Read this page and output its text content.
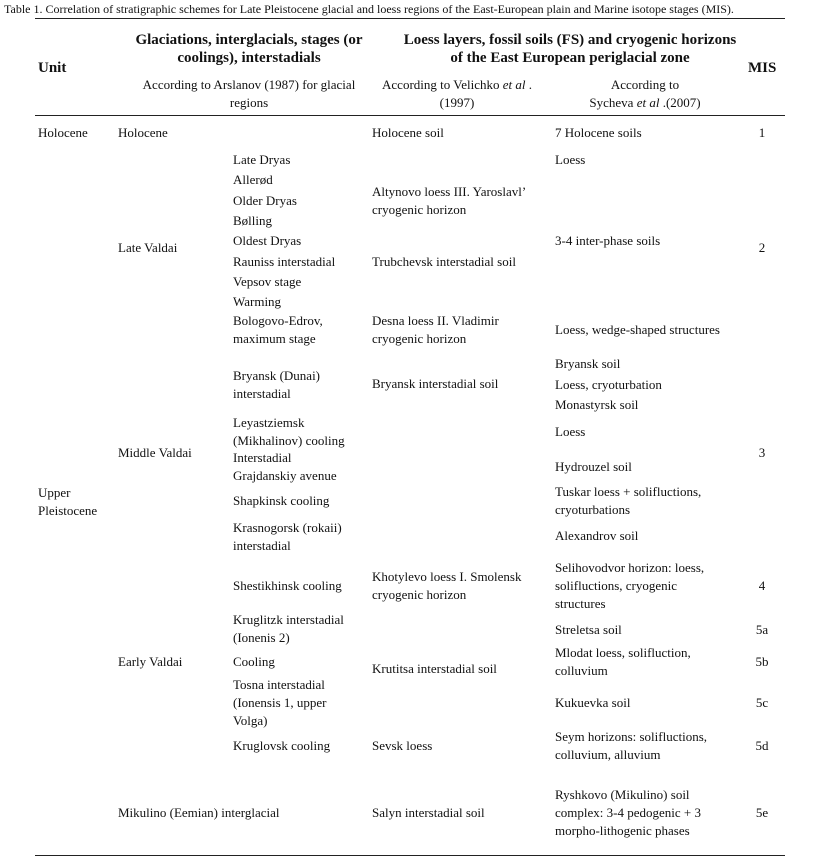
Table 1. Correlation of stratigraphic schemes for Late Pleistocene glacial and loess regions of the East-European plain and Marine isotope stages (MIS).
Unit
Glaciations, interglacials, stages (or
coolings), interstadials
According to Arslanov (1987) for glacial
regions
Loess layers, fossil soils (FS) and cryogenic horizons
of the East European periglacial zone
According to Velichko et al .
(1997)
According to
Sycheva et al .(2007)
MIS
Holocene
Upper
Pleistocene
Holocene
Late Valdai
Middle Valdai
Early Valdai
Mikulino (Eemian) interglacial
Late Dryas
Allerød
Older Dryas
Bølling
Oldest Dryas
Rauniss interstadial
Vepsov stage
Warming
Bologovo-Edrov,
maximum stage
Bryansk (Dunai)
interstadial
Leyastziemsk
(Mikhalinov) cooling
Interstadial
Grajdanskiy avenue
Shapkinsk cooling
Krasnogorsk (rokaii)
interstadial
Shestikhinsk cooling
Kruglitzk interstadial
(Ionenis 2)
Cooling
Tosna interstadial
(Ionensis 1, upper
Volga)
Kruglovsk cooling
Holocene soil
Altynovo loess III. Yaroslavl’
cryogenic horizon
Trubchevsk interstadial soil
Desna loess II. Vladimir
cryogenic horizon
Bryansk interstadial soil
Khotylevo loess I. Smolensk
cryogenic horizon
Krutitsa interstadial soil
Sevsk loess
Salyn interstadial soil
7 Holocene soils
Loess
3-4 inter-phase soils
Loess, wedge-shaped structures
Bryansk soil
Loess, cryoturbation
Monastyrsk soil
Loess
Hydrouzel soil
Tuskar loess + solifluctions,
cryoturbations
Alexandrov soil
Selihovodvor horizon: loess,
solifluctions, cryogenic
structures
Streletsa soil
Mlodat loess, solifluction,
colluvium
Kukuevka soil
Seym horizons: solifluctions,
colluvium, alluvium
Ryshkovo (Mikulino) soil
complex: 3-4 pedogenic + 3
morpho-lithogenic phases
1
2
3
4
5a
5b
5c
5d
5e
